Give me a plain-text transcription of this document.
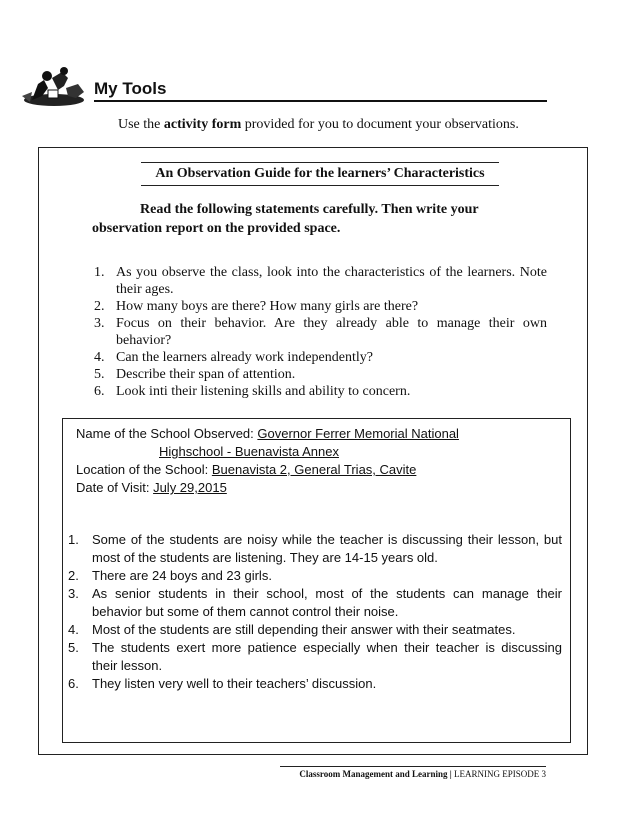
My Tools
Use the activity form provided for you to document your observations.
An Observation Guide for the learners’ Characteristics
Read the following statements carefully. Then write your
observation report on the provided space.
1. As you observe the class, look into the characteristics of the learners. Note their ages.
2. How many boys are there? How many girls are there?
3. Focus on their behavior. Are they already able to manage their own behavior?
4. Can the learners already work independently?
5. Describe their span of attention.
6. Look inti their listening skills and ability to concern.
Name of the School Observed: Governor Ferrer Memorial National
Highschool - Buenavista Annex
Location of the School: Buenavista 2, General Trias, Cavite
Date of Visit: July 29,2015
1. Some of the students are noisy while the teacher is discussing their lesson, but most of the students are listening. They are 14-15 years old.
2. There are 24 boys and 23 girls.
3. As senior students in their school, most of the students can manage their behavior but some of them cannot control their noise.
4. Most of the students are still depending their answer with their seatmates.
5. The students exert more patience especially when their teacher is discussing their lesson.
6. They listen very well to their teachers’ discussion.
Classroom Management and Learning | LEARNING EPISODE 3
